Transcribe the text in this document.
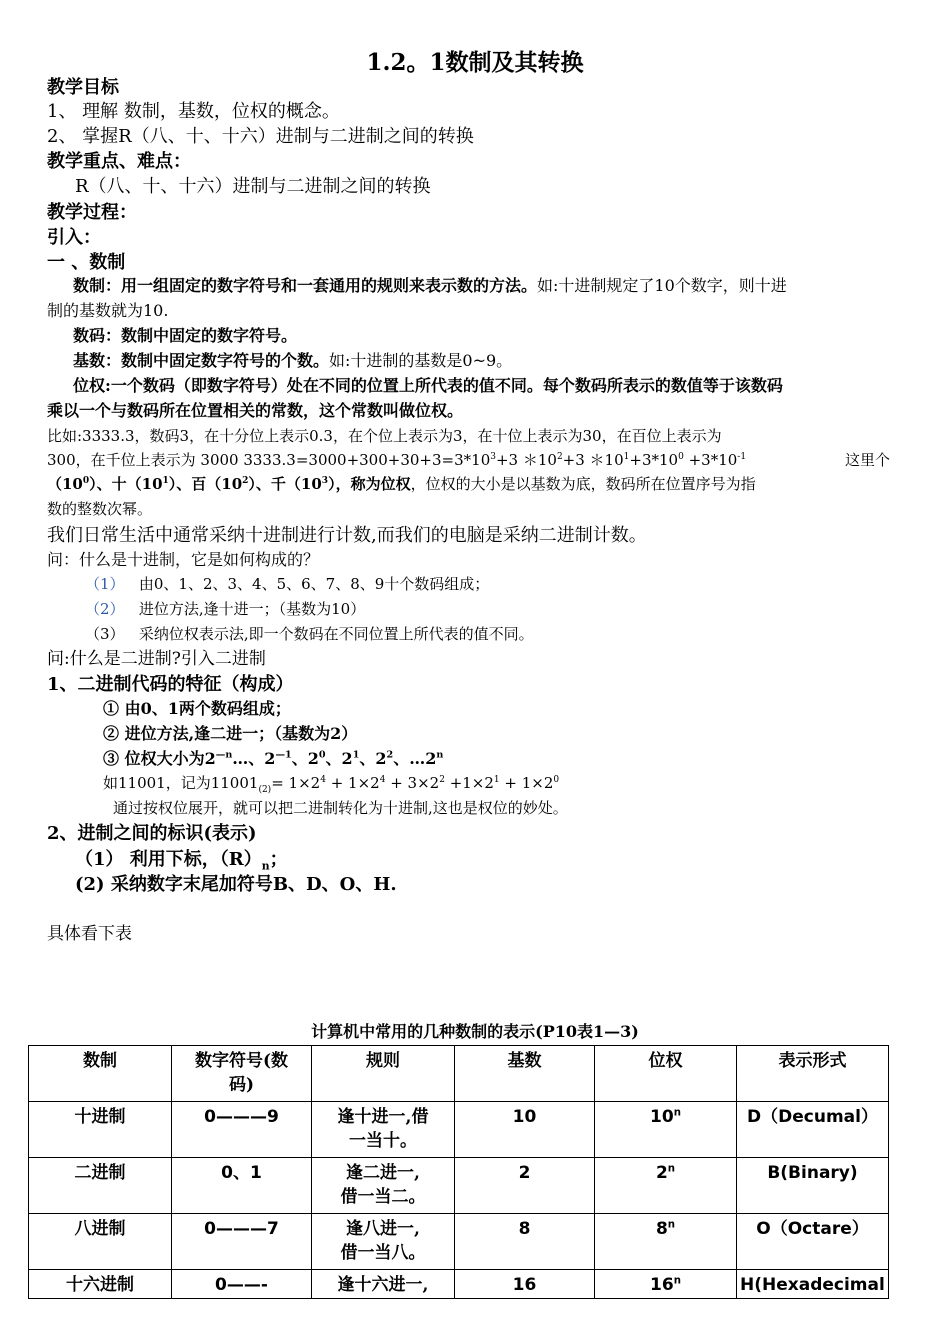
1.2。1数制及其转换
教学目标
1、 理解 数制，基数，位权的概念。
2、 掌握R（八、十、十六）进制与二进制之间的转换
教学重点、难点：
R（八、十、十六）进制与二进制之间的转换
教学过程：
引入：
一 、数制
数制：用一组固定的数字符号和一套通用的规则来表示数的方法。如:十进制规定了10个数字，则十进
制的基数就为10.
数码：数制中固定的数字符号。
基数：数制中固定数字符号的个数。如:十进制的基数是0~9。
位权:一个数码（即数字符号）处在不同的位置上所代表的值不同。每个数码所表示的数值等于该数码
乘以一个与数码所在位置相关的常数，这个常数叫做位权。
比如:3333.3，数码3，在十分位上表示0.3，在个位上表示为3，在十位上表示为30，在百位上表示为
300，在千位上表示为 3000 $3333.3=3000+300+30+3=3*10^3+3$ $*10^2+3$ $*10^1+3*10^0 +3*10^{-1}$	这里个
$(10^0)$、十$(10^1)$、百$(10^2)$、千$(10^3)$，称为位权，位权的大小是以基数为底，数码所在位置序号为指
数的整数次幂。
我们日常生活中通常采纳十进制进行计数,而我们的电脑是采纳二进制计数。
问：什么是十进制，它是如何构成的？
（1） 由0、1、2、3、4、5、6、7、8、9十个数码组成；
（2） 进位方法,逢十进一；（基数为10）
（3） 采纳位权表示法,即一个数码在不同位置上所代表的值不同。
问:什么是二进制?引入二进制
1、二进制代码的特征（构成）
① 由0、1两个数码组成；
② 进位方法,逢二进一；（基数为2）
③ 位权大小为$2^{—n}\dots$、$2^{—1}$、$2^0$、$2^1$、$2^2$、…2$^n$
如11001，记为$11001_{(2)}= 1\times 2^4 + 1\times 2^4 + 3\times 2^2 +1\times 2^1 + 1\times 2^0$
通过按权位展开，就可以把二进制转化为十进制,这也是权位的妙处。
2、进制之间的标识(表示)
（1） 利用下标，$(R)_n$；
(2) 采纳数字末尾加符号B、D、O、H.
具体看下表
计算机中常用的几种数制的表示(P10表1—3)
数制	数字符号(数
码)	规则	基数	位权	表示形式
十进制	0———9	逢十进一,借
一当十。	10	10$^n$	D（Decumal）
二进制	0、1	逢二进一,
借一当二。	2	2$^n$	B(Binary)
八进制	0———7	逢八进一,
借一当八。	8	8$^n$	O（Octare）
十六进制	0——-	逢十六进一,	16	16$^n$	H(Hexadecimal
